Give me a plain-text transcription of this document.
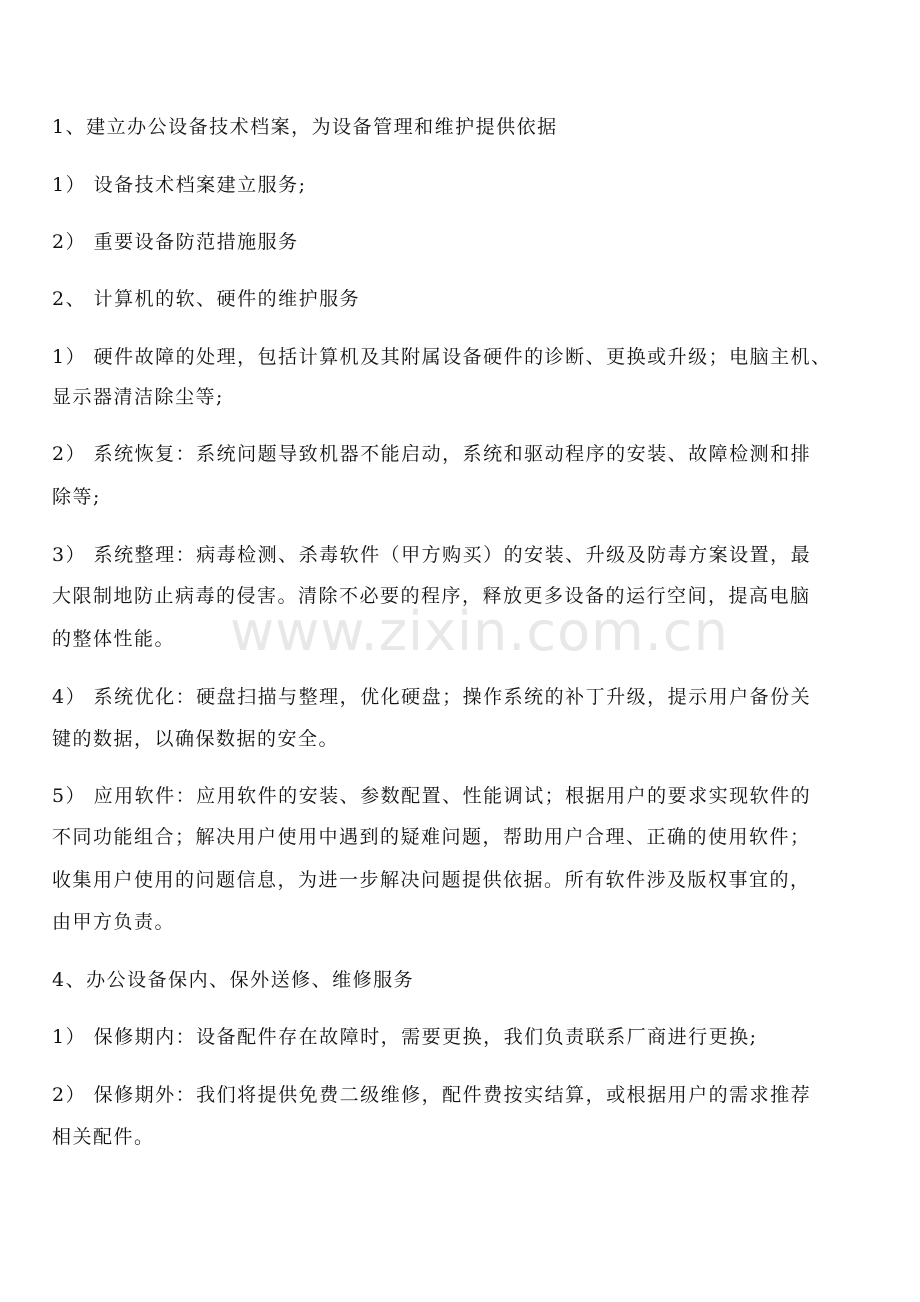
1、建立办公设备技术档案，为设备管理和维护提供依据
1） 设备技术档案建立服务;
2） 重要设备防范措施服务
2、 计算机的软、硬件的维护服务
1） 硬件故障的处理，包括计算机及其附属设备硬件的诊断、更换或升级；电脑主机、
显示器清洁除尘等;
2） 系统恢复：系统问题导致机器不能启动，系统和驱动程序的安装、故障检测和排
除等;
3） 系统整理：病毒检测、杀毒软件（甲方购买）的安装、升级及防毒方案设置，最
大限制地防止病毒的侵害。清除不必要的程序，释放更多设备的运行空间，提高电脑
的整体性能。
4） 系统优化：硬盘扫描与整理，优化硬盘；操作系统的补丁升级，提示用户备份关
键的数据，以确保数据的安全。
5） 应用软件：应用软件的安装、参数配置、性能调试；根据用户的要求实现软件的
不同功能组合；解决用户使用中遇到的疑难问题，帮助用户合理、正确的使用软件；
收集用户使用的问题信息，为进一步解决问题提供依据。所有软件涉及版权事宜的，
由甲方负责。
4、办公设备保内、保外送修、维修服务
1） 保修期内：设备配件存在故障时，需要更换，我们负责联系厂商进行更换;
2） 保修期外：我们将提供免费二级维修，配件费按实结算，或根据用户的需求推荐
相关配件。
www.zixin.com.cn
